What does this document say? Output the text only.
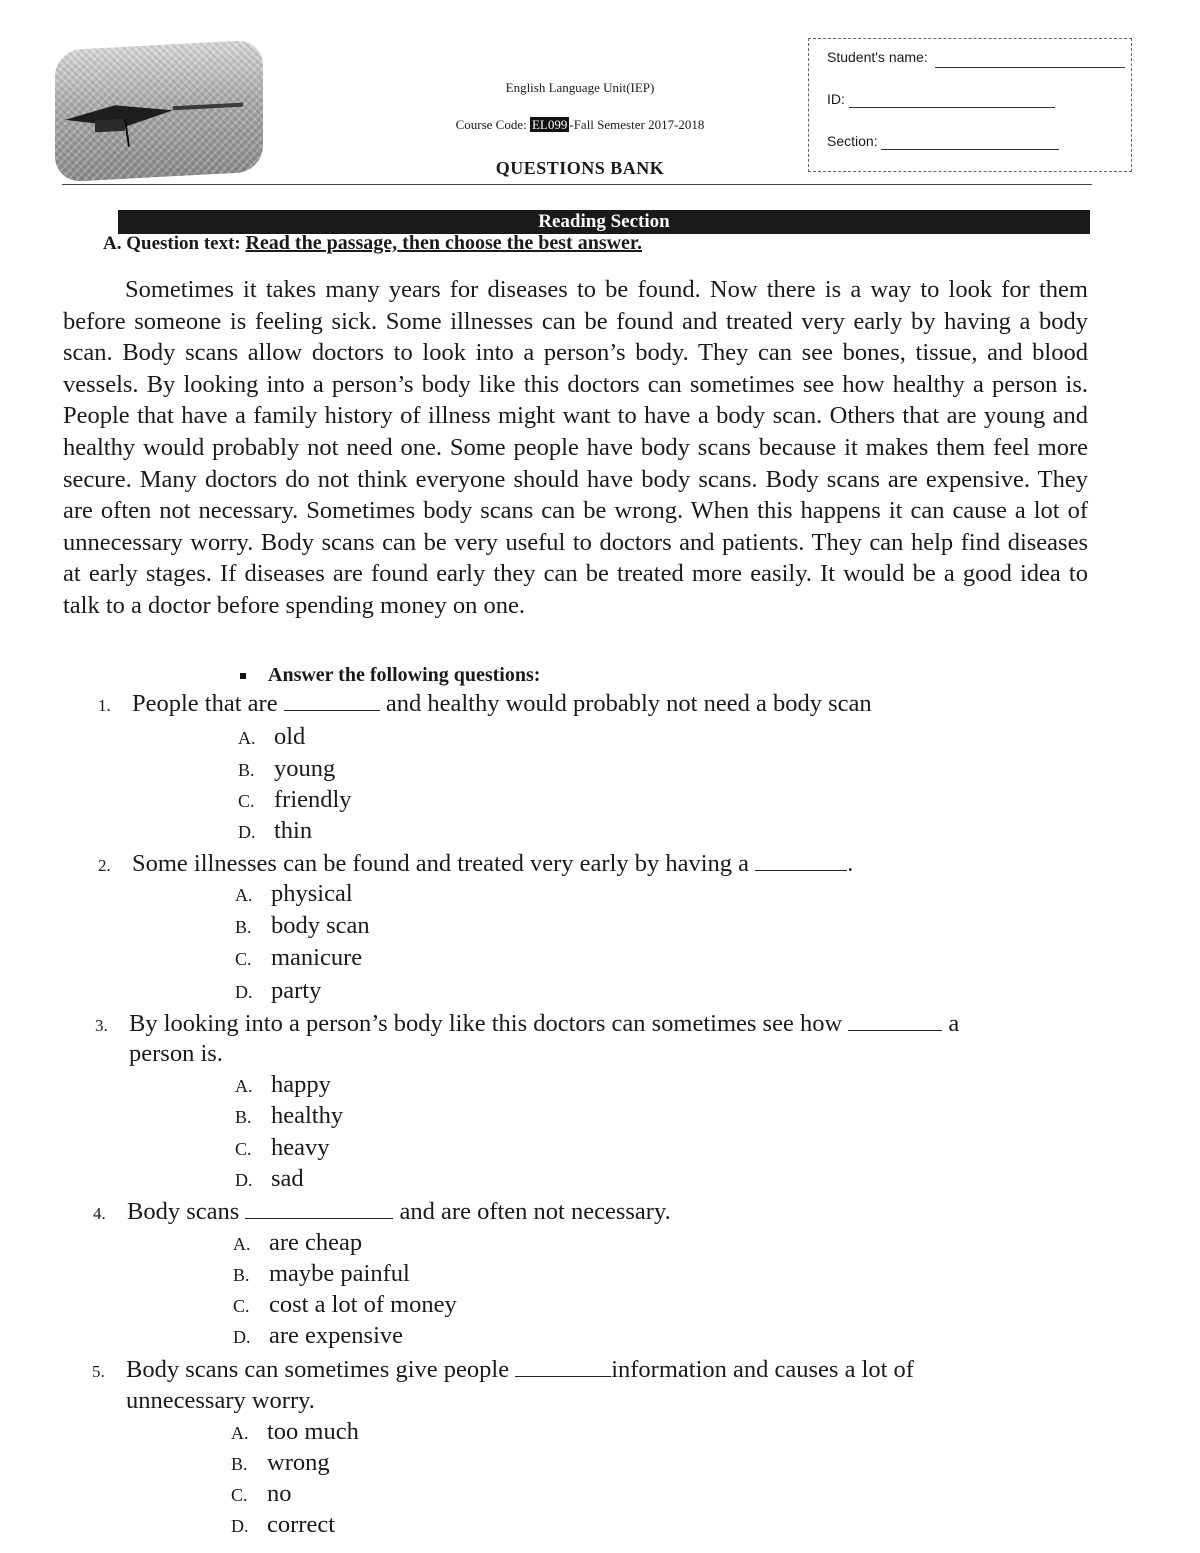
English Language Unit(IEP)
Course Code: EL099 -Fall Semester 2017-2018
QUESTIONS BANK
Student's name:
ID:
Section:
Reading Section
A. Question text: Read the passage, then choose the best answer.
Sometimes it takes many years for diseases to be found. Now there is a way to look for them before someone is feeling sick. Some illnesses can be found and treated very early by having a body scan. Body scans allow doctors to look into a person’s body. They can see bones, tissue, and blood vessels. By looking into a person’s body like this doctors can sometimes see how healthy a person is. People that have a family history of illness might want to have a body scan. Others that are young and healthy would probably not need one. Some people have body scans because it makes them feel more secure. Many doctors do not think everyone should have body scans. Body scans are expensive. They are often not necessary. Sometimes body scans can be wrong. When this happens it can cause a lot of unnecessary worry. Body scans can be very useful to doctors and patients. They can help find diseases at early stages. If diseases are found early they can be treated more easily. It would be a good idea to talk to a doctor before spending money on one.
Answer the following questions:
1. People that are	and healthy would probably not need a body scan
A. old
B. young
C. friendly
D. thin
2. Some illnesses can be found and treated very early by having a	.
A. physical
B. body scan
C. manicure
D. party
3. By looking into a person’s body like this doctors can sometimes see how	a
person is.
A. happy
B. healthy
C. heavy
D. sad
4. Body scans	and are often not necessary.
A. are cheap
B. maybe painful
C. cost a lot of money
D. are expensive
5. Body scans can sometimes give people	information and causes a lot of
unnecessary worry.
A. too much
B. wrong
C. no
D. correct
